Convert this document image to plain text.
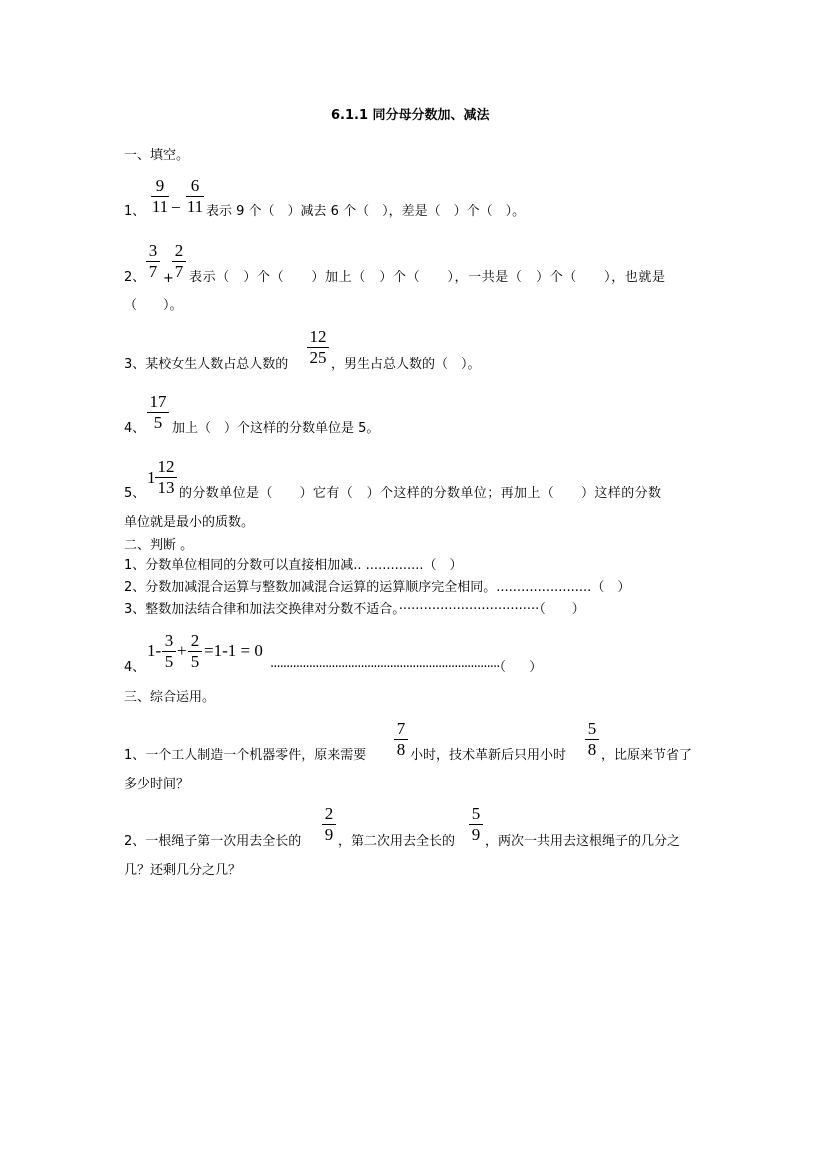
6.1.1 同分母分数加、减法
一、填空。
1、
9
11 −
6
11 表示 9 个（　）减去 6 个（　），差是（　）个（　）。
2、
3
7 +
2
7 表示（　）个（　　）加上（　）个（　　），一共是（　）个（　　），也就是
（　　）。
3、某校女生人数占总人数的
12
25 ，男生占总人数的（　）。
4、
17
5 加上（　）个这样的分数单位是 5。
5、
1
12
13 的分数单位是（　　）它有（　）个这样的分数单位；再加上（　　）这样的分数
单位就是最小的质数。
二、判断 。
1、分数单位相同的分数可以直接相加减.. ..............（　）
2、分数加减混合运算与整数加减混合运算的运算顺序完全相同。.......................（　）
3、整数加法结合律和加法交换律对分数不适合。··································（　　）
4、
1-
3
5
+
2
5
=1-1 = 0
·······································································（　　）
三、综合运用。
1、一个工人制造一个机器零件，原来需要
7
8 小时，技术革新后只用小时
5
8 ，比原来节省了
多少时间？
2、一根绳子第一次用去全长的
2
9 ，第二次用去全长的
5
9 ，两次一共用去这根绳子的几分之
几？还剩几分之几？
